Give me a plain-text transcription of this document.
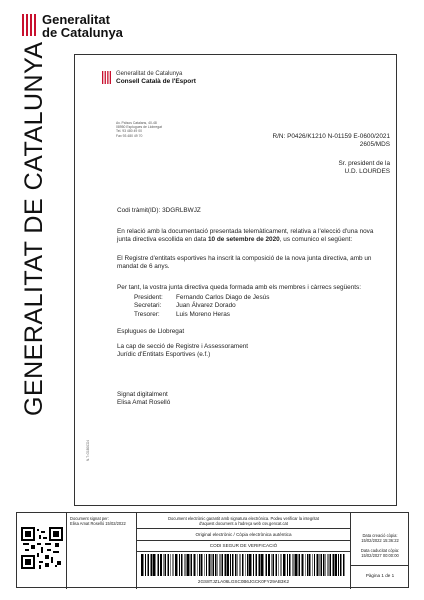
Generalitat
de Catalunya
GENERALITAT DE CATALUNYA	Generalitat de Catalunya
Consell Català de l'Esport
Av. Països Catalans, 40-48
08950 Esplugues de Llobregat
Tel. 93 480 49 00
Fax 93 480 49 70	R/N: P0426/K1210 N-01159 E-0600/2021
2605/MDS
Sr. president de la
U.D. LOURDES
Codi tràmit(ID): 3DGRLBWJZ
En relació amb la documentació presentada telemàticament, relativa a l'elecció d'una nova
junta directiva escollida en data 10 de setembre de 2020, us comunico el següent:
El Registre d'entitats esportives ha inscrit la composició de la nova junta directiva, amb un
mandat de 6 anys.
Per tant, la vostra junta directiva queda formada amb els membres i càrrecs següents:
President: Fernando Carlos Diago de Jesús
Secretari: Juan Álvarez Dorado
Tresorer:	Luis Moreno Heras
Esplugues de Llobregat
La cap de secció de Registre i Assessorament
Jurídic d'Entitats Esportives (e.f.)
Signat digitalment
Elisa Amat Roselló
N.T: G1B0CD4
Document signat per:
Elisa Amat Roselló 15/02/2022
Document electrònic garantit amb signatura electrònica. Podeu verificar la integritat
d'aquest document a l'adreça web csv.gencat.cat
Original electrònic / Còpia electrònica autèntica
CODI SEGUR DE VERIFICACIÓ
2GS8TJZLA06LGSC0B6JGCK0FY29AB3K2
Data creació còpia:
15/02/2022 15:36:22
Data caducitat còpia:
15/02/2027 00:00:00
Pàgina 1 de 1
